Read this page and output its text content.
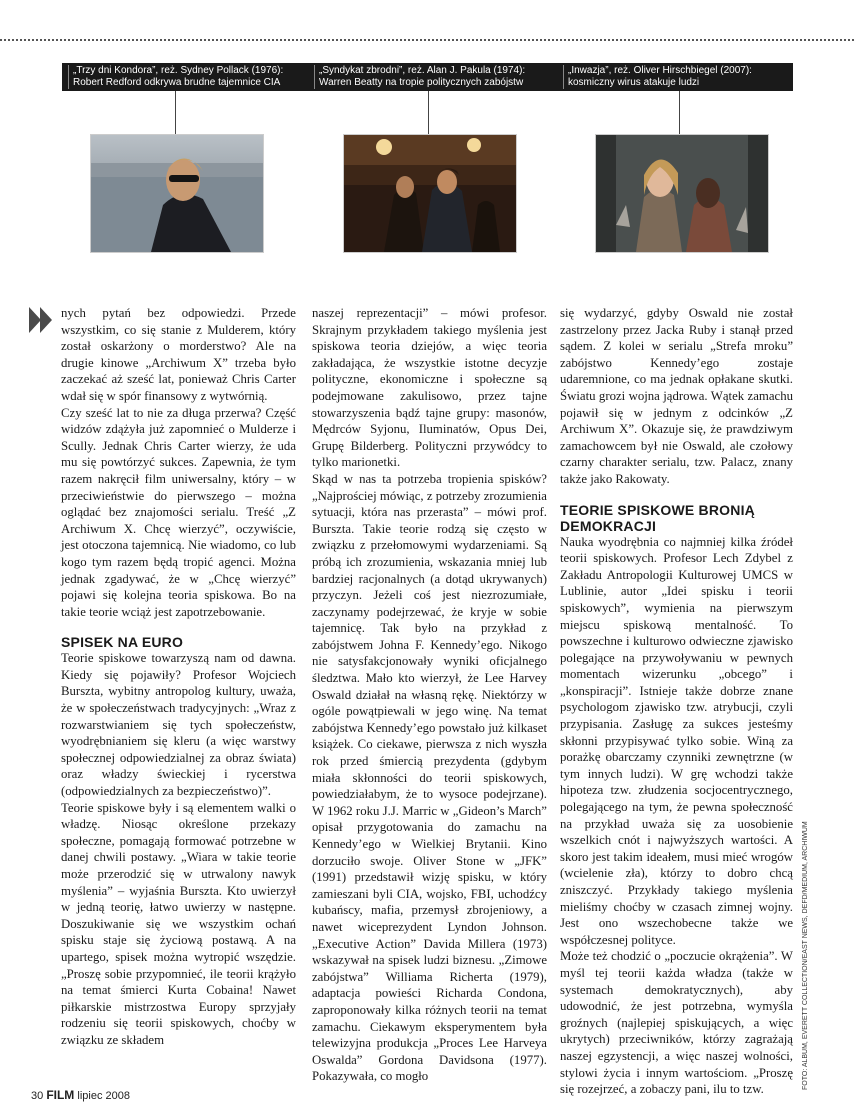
„Trzy dni Kondora”, reż. Sydney Pollack (1976):
Robert Redford odkrywa brudne tajemnice CIA
„Syndykat zbrodni”, reż. Alan J. Pakula (1974):
Warren Beatty na tropie politycznych zabójstw
„Inwazja”, reż. Oliver Hirschbiegel (2007):
kosmiczny wirus atakuje ludzi

nych pytań bez odpowiedzi. Przede wszystkim, co się stanie z Mulderem, który został oskarżony o morderstwo? Ale na drugie kinowe „Archiwum X” trzeba było zaczekać aż sześć lat, ponieważ Chris Carter wdał się w spór finansowy z wytwórnią.

Czy sześć lat to nie za długa przerwa? Część widzów zdążyła już zapomnieć o Mulderze i Scully. Jednak Chris Carter wierzy, że uda mu się powtórzyć sukces. Zapewnia, że tym razem nakręcił film uniwersalny, który – w przeciwieństwie do pierwszego – można oglądać bez znajomości serialu. Treść „Z Archiwum X. Chcę wierzyć”, oczywiście, jest otoczona tajemnicą. Nie wiadomo, co lub kogo tym razem będą tropić agenci. Można jednak zgadywać, że w „Chcę wierzyć” pojawi się kolejna teoria spiskowa. Bo na takie teorie wciąż jest zapotrzebowanie.

SPISEK NA EURO

Teorie spiskowe towarzyszą nam od dawna. Kiedy się pojawiły? Profesor Wojciech Burszta, wybitny antropolog kultury, uważa, że w społeczeństwach tradycyjnych: „Wraz z rozwarstwianiem się tych społeczeństw, wyodrębnianiem się kleru (a więc warstwy społecznej odpowiedzialnej za obraz świata) oraz władzy świeckiej i rycerstwa (odpowiedzialnych za bezpieczeństwo)”.

Teorie spiskowe były i są elementem walki o władzę. Niosąc określone przekazy społeczne, pomagają formować potrzebne w danej chwili postawy. „Wiara w takie teorie może przerodzić się w utrwalony nawyk myślenia” – wyjaśnia Burszta. Kto uwierzył w jedną teorię, łatwo uwierzy w następne. Doszukiwanie się we wszystkim ochań spisku staje się życiową postawą. A na upartego, spisek można wytropić wszędzie. „Proszę sobie przypomnieć, ile teorii krążyło na temat śmierci Kurta Cobaina! Nawet piłkarskie mistrzostwa Europy sprzyjały rodzeniu się teorii spiskowych, choćby w związku ze składem

naszej reprezentacji” – mówi profesor. Skrajnym przykładem takiego myślenia jest spiskowa teoria dziejów, a więc teoria zakładająca, że wszystkie istotne decyzje polityczne, ekonomiczne i społeczne są podejmowane zakulisowo, przez tajne stowarzyszenia bądź tajne grupy: masonów, Mędrców Syjonu, Iluminatów, Opus Dei, Grupę Bilderberg. Polityczni przywódcy to tylko marionetki.

Skąd w nas ta potrzeba tropienia spisków?„Najprościej mówiąc, z potrzeby zrozumienia sytuacji, która nas przerasta” – mówi prof. Burszta. Takie teorie rodzą się często w związku z przełomowymi wydarzeniami. Są próbą ich zrozumienia, wskazania mniej lub bardziej racjonalnych (a dotąd ukrywanych) przyczyn. Jeżeli coś jest niezrozumiałe, zaczynamy podejrzewać, że kryje w sobie tajemnicę. Tak było na przykład z zabójstwem Johna F. Kennedy’ego. Nikogo nie satysfakcjonowały wyniki oficjalnego śledztwa. Mało kto wierzył, że Lee Harvey Oswald działał na własną rękę. Niektórzy w ogóle powątpiewali w jego winę. Na temat zabójstwa Kennedy’ego powstało już kilkaset książek. Co ciekawe, pierwsza z nich wyszła rok przed śmiercią prezydenta (gdybym miała skłonności do teorii spiskowych, powiedziałabym, że to wysoce podejrzane). W 1962 roku J.J. Marric w „Gideon’s March” opisał przygotowania do zamachu na Kennedy’ego w Wielkiej Brytanii. Kino dorzuciło swoje. Oliver Stone w „JFK” (1991) przedstawił wizję spisku, w który zamieszani byli CIA, wojsko, FBI, uchodźcy kubańscy, mafia, przemysł zbrojeniowy, a nawet wiceprezydent Lyndon Johnson. „Executive Action” Davida Millera (1973) wskazywał na spisek ludzi biznesu. „Zimowe zabójstwa” Williama Richerta (1979), adaptacja powieści Richarda Condona, zaproponowały kilka różnych teorii na temat zamachu. Ciekawym eksperymentem była telewizyjna produkcja „Proces Lee Harveya Oswalda” Gordona Davidsona (1977). Pokazywała, co mogło

się wydarzyć, gdyby Oswald nie został zastrzelony przez Jacka Ruby i stanął przed sądem. Z kolei w serialu „Strefa mroku” zabójstwo Kennedy’ego zostaje udaremnione, co ma jednak opłakane skutki. Światu grozi wojna jądrowa. Wątek zamachu pojawił się w jednym z odcinków „Z Archiwum X”. Okazuje się, że prawdziwym zamachowcem był nie Oswald, ale czołowy czarny charakter serialu, tzw. Palacz, znany także jako Rakowaty.

TEORIE SPISKOWE BRONIĄ DEMOKRACJI

Nauka wyodrębnia co najmniej kilka źródeł teorii spiskowych. Profesor Lech Zdybel z Zakładu Antropologii Kulturowej UMCS w Lublinie, autor „Idei spisku i teorii spiskowych”, wymienia na pierwszym miejscu spiskową mentalność. To powszechne i kulturowo odwieczne zjawisko polegające na przywoływaniu w pewnych momentach wizerunku „obcego” i „konspiracji”. Istnieje także dobrze znane psychologom zjawisko tzw. atrybucji, czyli przypisania. Zasługę za sukces jesteśmy skłonni przypisywać tylko sobie. Winą za porażkę obarczamy czynniki zewnętrzne (w tym innych ludzi). W grę wchodzi także hipoteza tzw. złudzenia socjocentrycznego, polegającego na tym, że pewna społeczność na przykład uważa się za uosobienie wszelkich cnót i najwyższych wartości. A skoro jest takim ideałem, musi mieć wrogów (wcielenie zła), którzy to dobro chcą zniszczyć. Przykłady takiego myślenia mieliśmy choćby w czasach zimnej wojny. Jest ono wszechobecne także we współczesnej polityce.

Może też chodzić o „poczucie okrążenia”. W myśl tej teorii każda władza (także w systemach demokratycznych), aby udowodnić, że jest potrzebna, wymyśla groźnych (najlepiej spiskujących, a więc ukrytych) przeciwników, którzy zagrażają naszej egzystencji, a więc naszej wolności, stylowi życia i innym wartościom. „Proszę się rozejrzeć, a zobaczy pani, ilu to tzw.	FOTO: ALBUM, EVERETT COLLECTION/EAST NEWS, DEFD/MEDIUM, ARCHIWUM
30 FILM lipiec 2008
